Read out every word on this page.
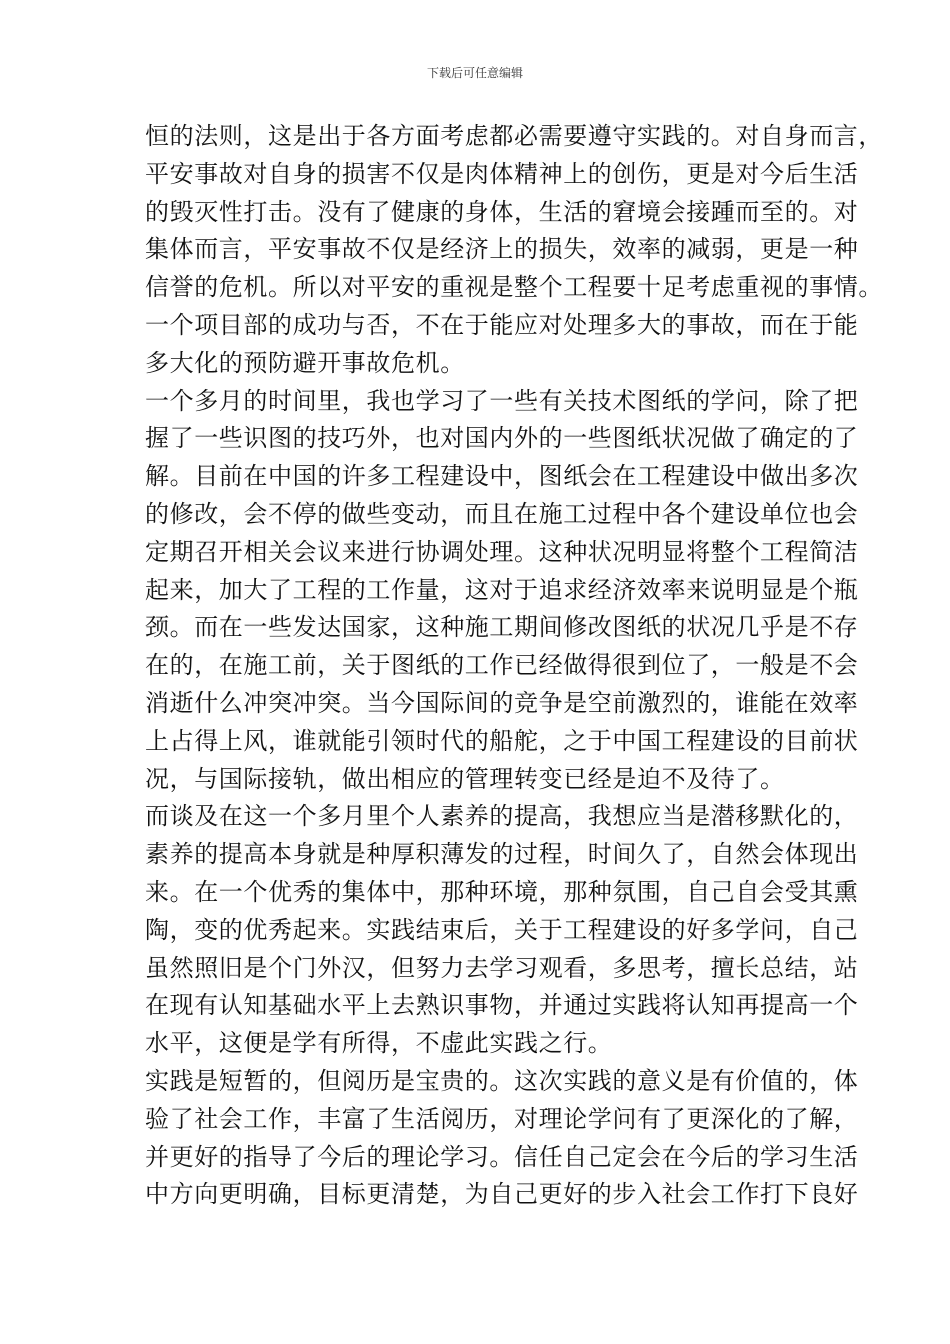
下载后可任意编辑
恒的法则，这是出于各方面考虑都必需要遵守实践的。对自身而言，
平安事故对自身的损害不仅是肉体精神上的创伤，更是对今后生活
的毁灭性打击。没有了健康的身体，生活的窘境会接踵而至的。对
集体而言，平安事故不仅是经济上的损失，效率的减弱，更是一种
信誉的危机。所以对平安的重视是整个工程要十足考虑重视的事情。
一个项目部的成功与否，不在于能应对处理多大的事故，而在于能
多大化的预防避开事故危机。
一个多月的时间里，我也学习了一些有关技术图纸的学问，除了把
握了一些识图的技巧外，也对国内外的一些图纸状况做了确定的了
解。目前在中国的许多工程建设中，图纸会在工程建设中做出多次
的修改，会不停的做些变动，而且在施工过程中各个建设单位也会
定期召开相关会议来进行协调处理。这种状况明显将整个工程简洁
起来，加大了工程的工作量，这对于追求经济效率来说明显是个瓶
颈。而在一些发达国家，这种施工期间修改图纸的状况几乎是不存
在的，在施工前，关于图纸的工作已经做得很到位了，一般是不会
消逝什么冲突冲突。当今国际间的竞争是空前激烈的，谁能在效率
上占得上风，谁就能引领时代的船舵，之于中国工程建设的目前状
况，与国际接轨，做出相应的管理转变已经是迫不及待了。
而谈及在这一个多月里个人素养的提高，我想应当是潜移默化的，
素养的提高本身就是种厚积薄发的过程，时间久了，自然会体现出
来。在一个优秀的集体中，那种环境，那种氛围，自己自会受其熏
陶，变的优秀起来。实践结束后，关于工程建设的好多学问，自己
虽然照旧是个门外汉，但努力去学习观看，多思考，擅长总结，站
在现有认知基础水平上去熟识事物，并通过实践将认知再提高一个
水平，这便是学有所得，不虚此实践之行。
实践是短暂的，但阅历是宝贵的。这次实践的意义是有价值的，体
验了社会工作，丰富了生活阅历，对理论学问有了更深化的了解，
并更好的指导了今后的理论学习。信任自己定会在今后的学习生活
中方向更明确，目标更清楚，为自己更好的步入社会工作打下良好
